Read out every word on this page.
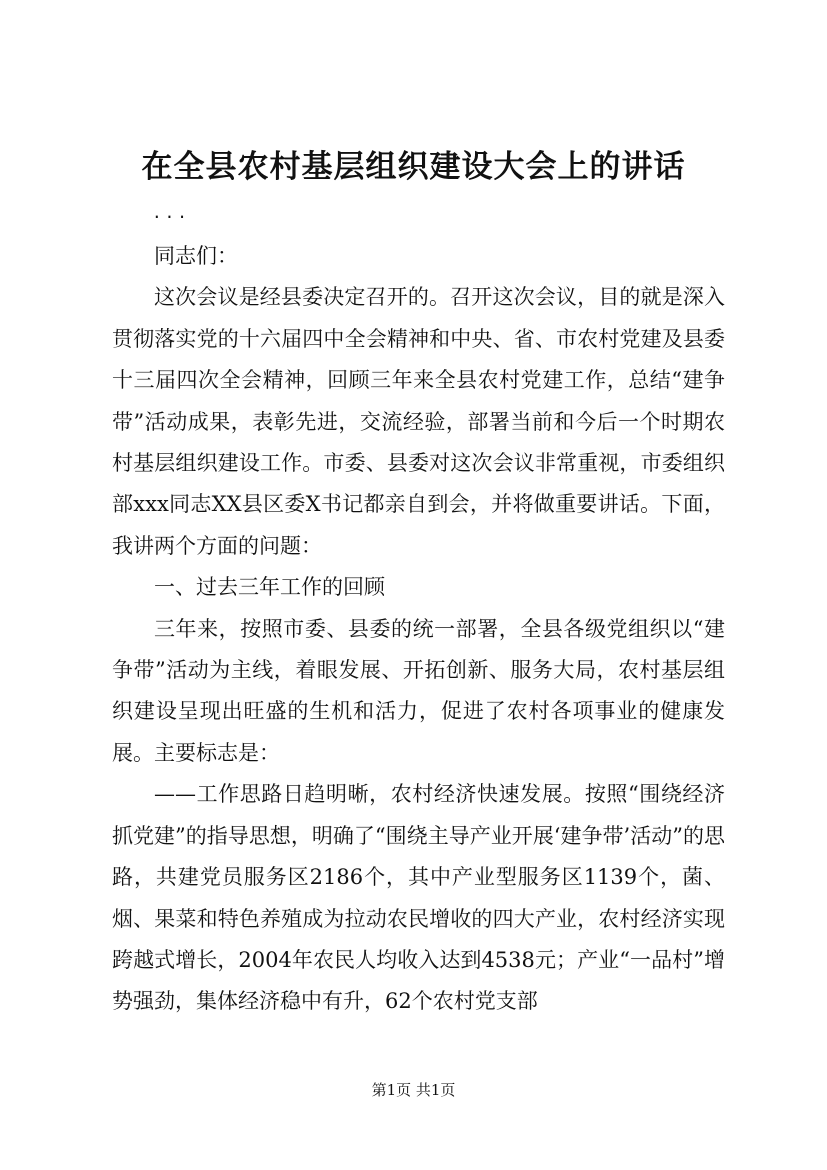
在全县农村基层组织建设大会上的讲话
...

同志们：

这次会议是经县委决定召开的。召开这次会议，目的就是深入贯彻落实党的十六届四中全会精神和中央、省、市农村党建及县委十三届四次全会精神，回顾三年来全县农村党建工作，总结“建争带”活动成果，表彰先进，交流经验，部署当前和今后一个时期农村基层组织建设工作。市委、县委对这次会议非常重视，市委组织部xxx同志XX县区委X书记都亲自到会，并将做重要讲话。下面，我讲两个方面的问题：

一、过去三年工作的回顾

三年来，按照市委、县委的统一部署，全县各级党组织以“建争带”活动为主线，着眼发展、开拓创新、服务大局，农村基层组织建设呈现出旺盛的生机和活力，促进了农村各项事业的健康发展。主要标志是：

——工作思路日趋明晰，农村经济快速发展。按照“围绕经济抓党建”的指导思想，明确了“围绕主导产业开展‘建争带’活动”的思路，共建党员服务区2186个，其中产业型服务区1139个，菌、烟、果菜和特色养殖成为拉动农民增收的四大产业，农村经济实现跨越式增长，2004年农民人均收入达到4538元；产业“一品村”增势强劲，集体经济稳中有升，62个农村党支部

第1页 共1页
